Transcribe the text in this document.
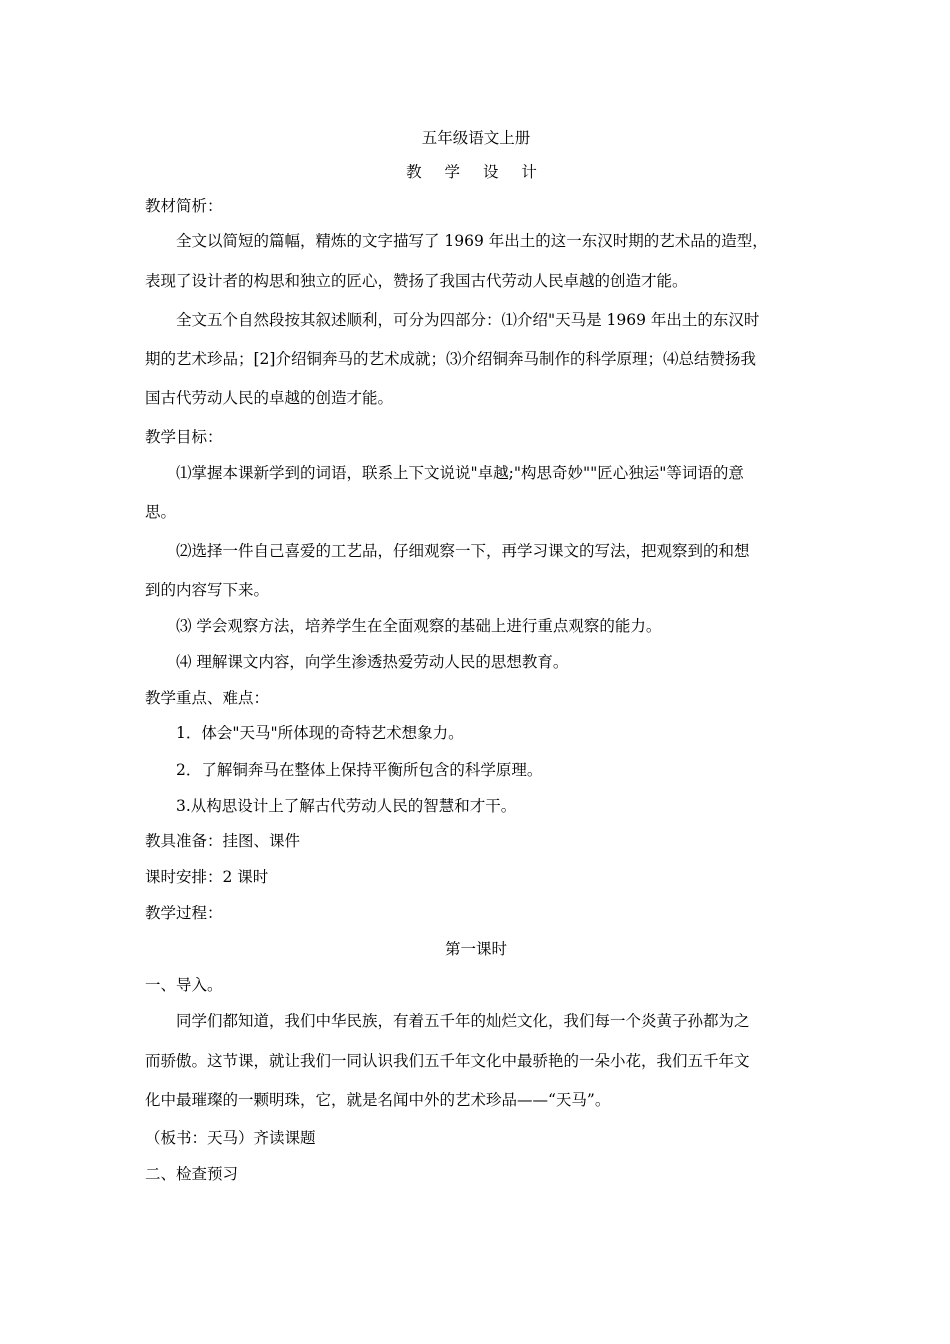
五年级语文上册
教 学 设 计
教材简析：
全文以简短的篇幅，精炼的文字描写了 1969 年出土的这一东汉时期的艺术品的造型，
表现了设计者的构思和独立的匠心，赞扬了我国古代劳动人民卓越的创造才能。
全文五个自然段按其叙述顺利，可分为四部分：⑴介绍"天马是 1969 年出土的东汉时
期的艺术珍品；[2]介绍铜奔马的艺术成就；⑶介绍铜奔马制作的科学原理；⑷总结赞扬我
国古代劳动人民的卓越的创造才能。
教学目标：
⑴掌握本课新学到的词语，联系上下文说说"卓越;"构思奇妙""匠心独运"等词语的意
思。
⑵选择一件自己喜爱的工艺品，仔细观察一下，再学习课文的写法，把观察到的和想
到的内容写下来。
⑶ 学会观察方法，培养学生在全面观察的基础上进行重点观察的能力。
⑷ 理解课文内容，向学生渗透热爱劳动人民的思想教育。
教学重点、难点：
1．体会"天马"所体现的奇特艺术想象力。
2．了解铜奔马在整体上保持平衡所包含的科学原理。
3.从构思设计上了解古代劳动人民的智慧和才干。
教具准备：挂图、课件
课时安排：2 课时
教学过程：
第一课时
一、导入。
同学们都知道，我们中华民族，有着五千年的灿烂文化，我们每一个炎黄子孙都为之
而骄傲。这节课，就让我们一同认识我们五千年文化中最骄艳的一朵小花，我们五千年文
化中最璀璨的一颗明珠，它，就是名闻中外的艺术珍品——“天马”。
（板书：天马）齐读课题
二、检查预习
